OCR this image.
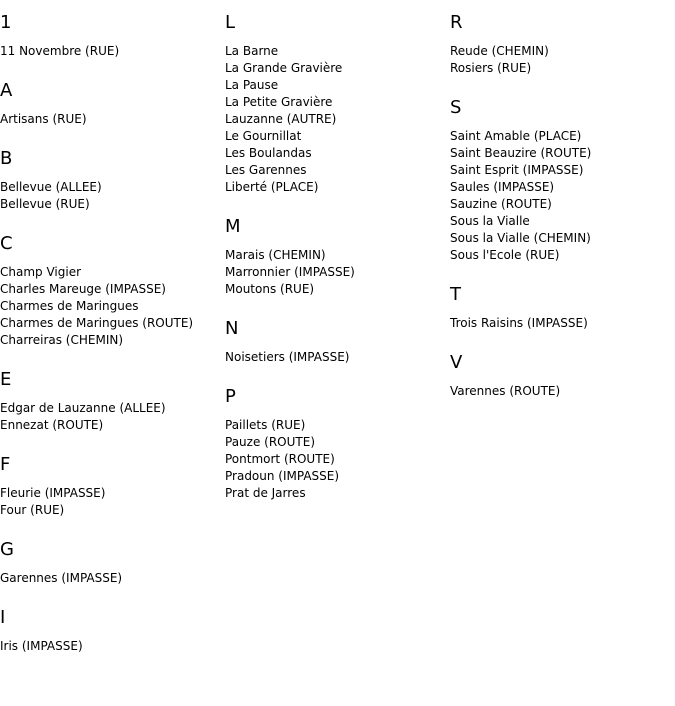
1
11 Novembre (RUE)
A
Artisans (RUE)
B
Bellevue (ALLEE)
Bellevue (RUE)
C
Champ Vigier
Charles Mareuge (IMPASSE)
Charmes de Maringues
Charmes de Maringues (ROUTE)
Charreiras (CHEMIN)
E
Edgar de Lauzanne (ALLEE)
Ennezat (ROUTE)
F
Fleurie (IMPASSE)
Four (RUE)
G
Garennes (IMPASSE)
I
Iris (IMPASSE)
L
La Barne
La Grande Gravière
La Pause
La Petite Gravière
Lauzanne (AUTRE)
Le Gournillat
Les Boulandas
Les Garennes
Liberté (PLACE)
M
Marais (CHEMIN)
Marronnier (IMPASSE)
Moutons (RUE)
N
Noisetiers (IMPASSE)
P
Paillets (RUE)
Pauze (ROUTE)
Pontmort (ROUTE)
Pradoun (IMPASSE)
Prat de Jarres
R
Reude (CHEMIN)
Rosiers (RUE)
S
Saint Amable (PLACE)
Saint Beauzire (ROUTE)
Saint Esprit (IMPASSE)
Saules (IMPASSE)
Sauzine (ROUTE)
Sous la Vialle
Sous la Vialle (CHEMIN)
Sous l'Ecole (RUE)
T
Trois Raisins (IMPASSE)
V
Varennes (ROUTE)
